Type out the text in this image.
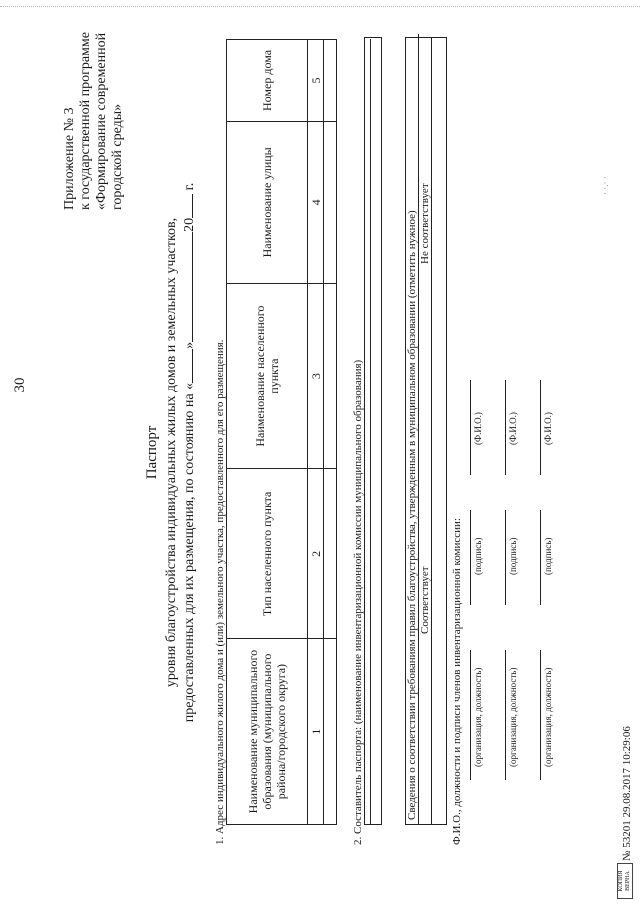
30
Приложение № 3 к государственной программе «Формирование современной городской среды»
Паспорт уровня благоустройства индивидуальных жилых домов и земельных участков, предоставленных для их размещения, по состоянию на «»20 г.
1. Адрес индивидуального жилого дома и (или) земельного участка, предоставленного для его размещения. Наименование муниципального образования (муниципального района/городского округа)	Тип населенного пункта	Наименование населенного пункта	Наименование улицы	Номер дома
1	2	3	4	5

2. Составитель паспорта: (наименование инвентаризационной комиссии муниципального образования)	Сведения о соответствии требованиям правил благоустройства, утвержденным в муниципальном образовании (отметить нужное) Соответствует
Не соответствует
Ф.И.О., должности и подписи членов инвентаризационной комиссии: (организация, должность)
(подпись)
(Ф.И.О.)
(организация, должность)
(подпись)
(Ф.И.О.)
(организация, должность)
(подпись)
(Ф.И.О.)
КОПИЯ ВЕРНА
№ 53201 29.08.2017 10:29:06
· ·.· ·
